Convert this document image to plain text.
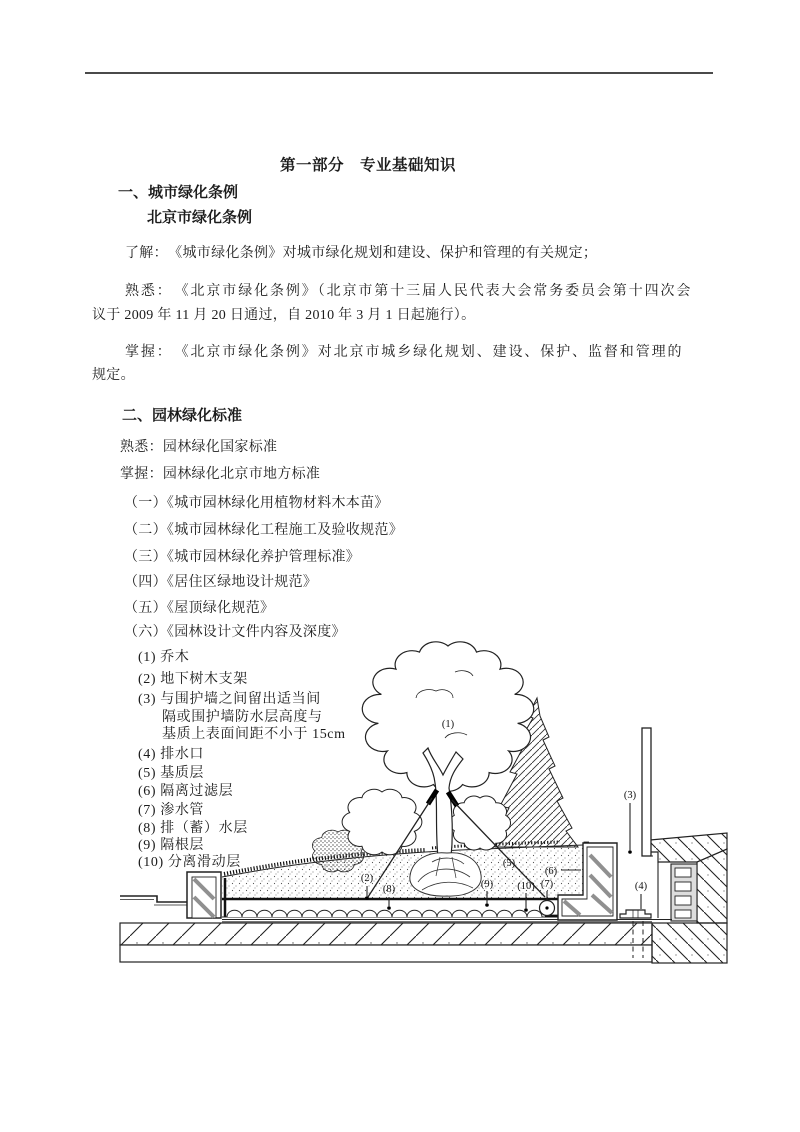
第一部分　专业基础知识
一、城市绿化条例
北京市绿化条例
了解：　《城市绿化条例》对城市绿化规划和建设、保护和管理的有关规定；
熟悉：　《北京市绿化条例》（北京市第十三届人民代表大会常务委员会第十四次会
议于 2009 年 11 月 20 日通过，自 2010 年 3 月 1 日起施行）。
掌握：　《北京市绿化条例》对北京市城乡绿化规划、建设、保护、监督和管理的
规定。
二、园林绿化标准
熟悉：园林绿化国家标准
掌握：园林绿化北京市地方标准
（一）《城市园林绿化用植物材料木本苗》
（二）《城市园林绿化工程施工及验收规范》
（三）《城市园林绿化养护管理标准》
（四）《居住区绿地设计规范》
（五）《屋顶绿化规范》
（六）《园林设计文件内容及深度》
(1) 乔木
(2) 地下树木支架
(3) 与围护墙之间留出适当间
隔或围护墙防水层高度与
基质上表面间距不小于 15cm
(4) 排水口
(5) 基质层
(6) 隔离过滤层
(7) 渗水管
(8) 排（蓄）水层
(9) 隔根层
(10) 分离滑动层
(1)
(2)
(3)
(4)
(5)
(6)
(7)
(8)	(9) (10)
